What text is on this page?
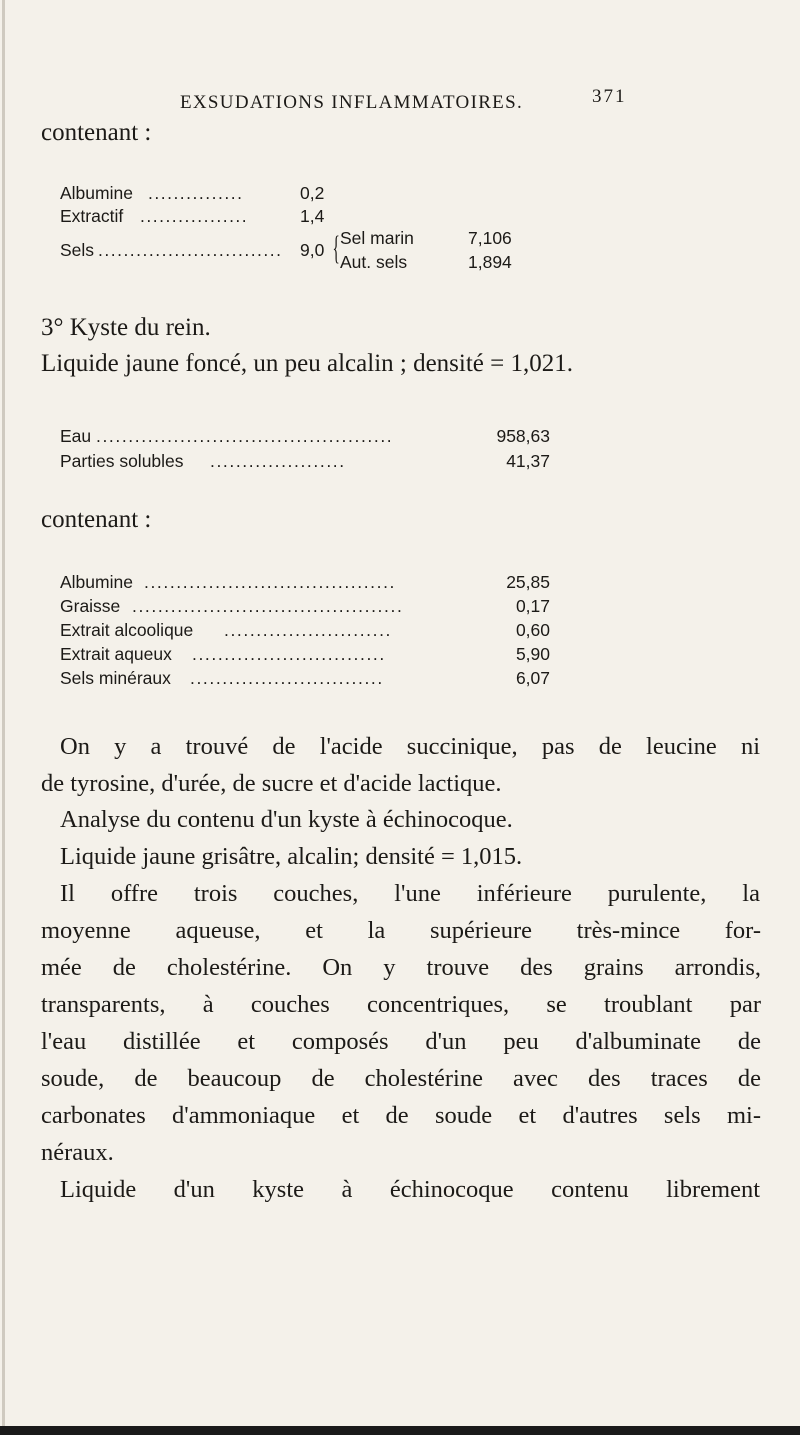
EXSUDATIONS INFLAMMATOIRES.	371
contenant :
Albumine ...............	0,2
Extractif .................	1,4
Sels ............................. 9,0 { Sel marin	7,106
Aut. sels	1,894
3° Kyste du rein.
Liquide jaune foncé, un peu alcalin ; densité = 1,021.
Eau ..............................................	958,63
Parties solubles .....................	41,37
contenant :
Albumine .......................................	25,85
Graisse ..........................................	0,17
Extrait alcoolique ..........................	0,60
Extrait aqueux ..............................	5,90
Sels minéraux ..............................	6,07
On y a trouvé de l'acide succinique, pas de leucine ni
de tyrosine, d'urée, de sucre et d'acide lactique.
Analyse du contenu d'un kyste à échinocoque.
Liquide jaune grisâtre, alcalin; densité = 1,015.
Il offre trois couches, l'une inférieure purulente, la
moyenne aqueuse, et la supérieure très-mince for-
mée de cholestérine. On y trouve des grains arrondis,
transparents, à couches concentriques, se troublant par
l'eau distillée et composés d'un peu d'albuminate de
soude, de beaucoup de cholestérine avec des traces de
carbonates d'ammoniaque et de soude et d'autres sels mi-
néraux.
Liquide d'un kyste à échinocoque contenu librement
